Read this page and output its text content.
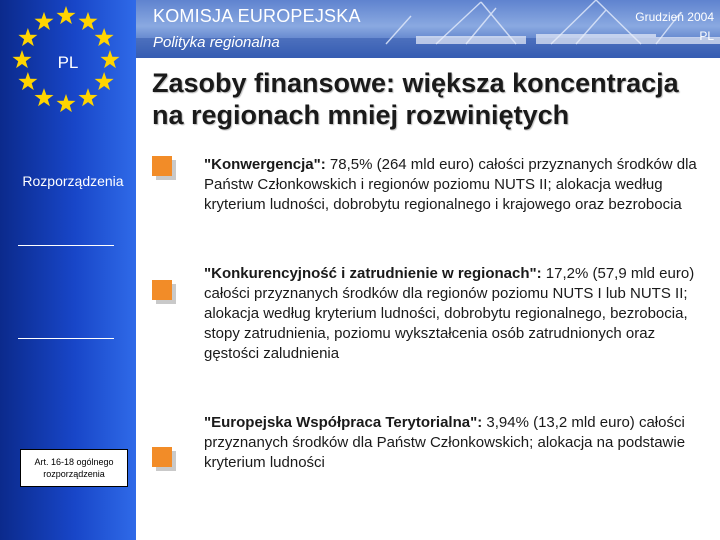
PL
Rozporządzenia
Art. 16-18 ogólnego rozporządzenia
KOMISJA EUROPEJSKA
Polityka regionalna
Grudzień 2004
PL
Zasoby finansowe: większa koncentracja na regionach mniej rozwiniętych
"Konwergencja": 78,5% (264 mld euro) całości przyznanych środków dla Państw Członkowskich i regionów poziomu NUTS II; alokacja według kryterium ludności, dobrobytu regionalnego i krajowego oraz bezrobocia
"Konkurencyjność i zatrudnienie w regionach": 17,2% (57,9 mld euro) całości przyznanych środków dla regionów poziomu NUTS I lub NUTS II; alokacja według kryterium ludności, dobrobytu regionalnego, bezrobocia, stopy zatrudnienia, poziomu wykształcenia osób zatrudnionych oraz gęstości zaludnienia
"Europejska Współpraca Terytorialna": 3,94% (13,2 mld euro) całości przyznanych środków dla Państw Członkowskich; alokacja na podstawie kryterium ludności
